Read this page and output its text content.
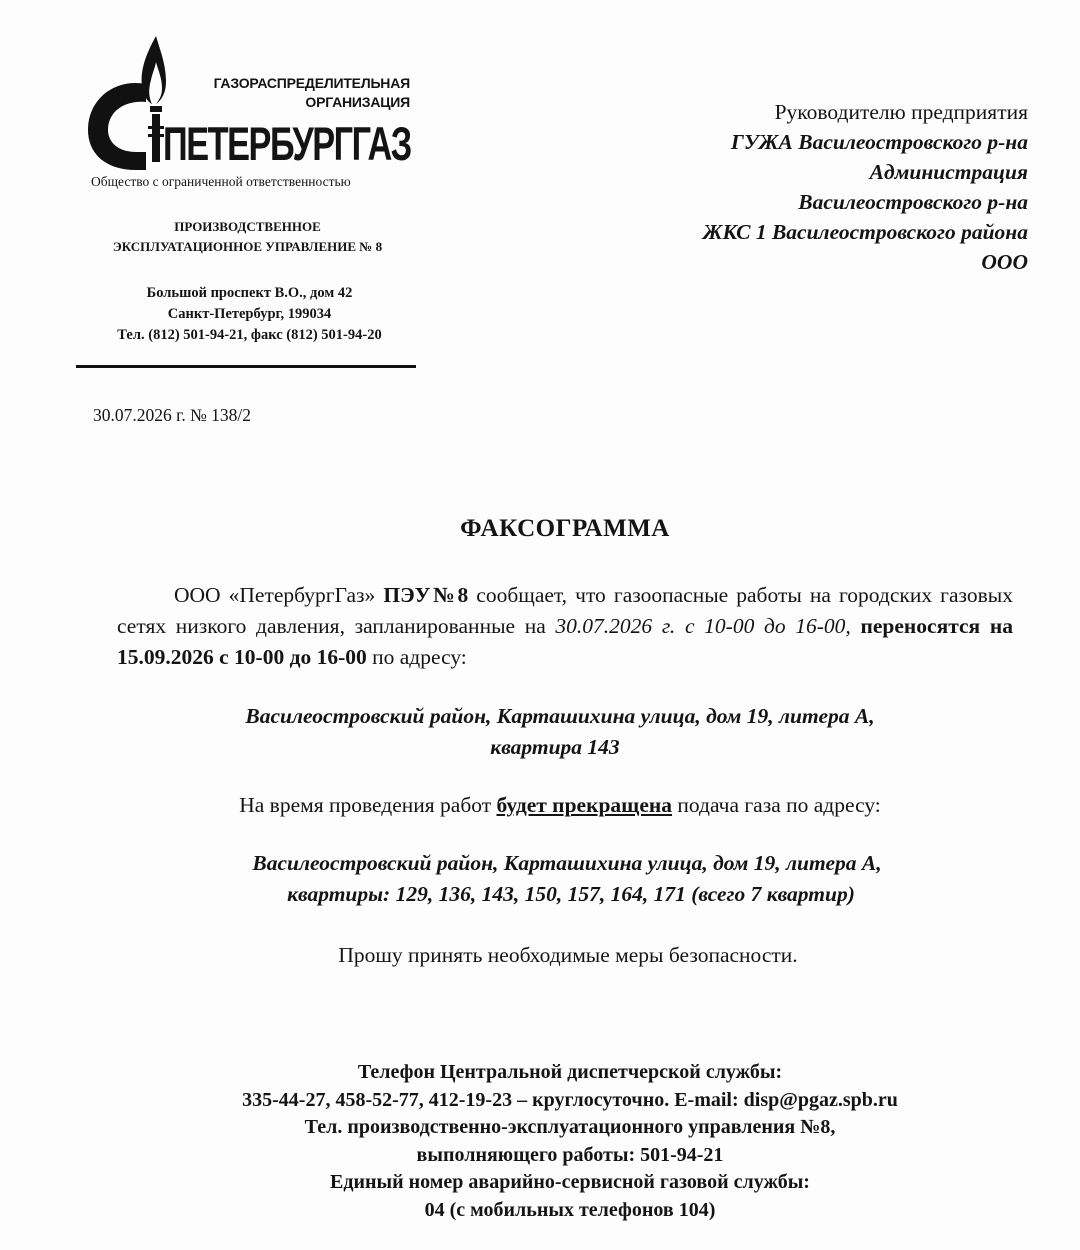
ГАЗОРАСПРЕДЕЛИТЕЛЬНАЯ
ОРГАНИЗАЦИЯ
ПЕТЕРБУРГГАЗ
Общество с ограниченной ответственностью
ПРОИЗВОДСТВЕННОЕ
ЭКСПЛУАТАЦИОННОЕ УПРАВЛЕНИЕ № 8
Большой проспект В.О., дом 42
Санкт-Петербург, 199034
Тел. (812) 501-94-21, факс (812) 501-94-20
30.07.2026 г. № 138/2
Руководителю предприятия
ГУЖА Василеостровского р-на
Администрация
Василеостровского р-на
ЖКС 1 Василеостровского района
ООО
ФАКСОГРАММА
ООО «ПетербургГаз» ПЭУ№8 сообщает, что газоопасные работы на городских газовых сетях низкого давления, запланированные на 30.07.2026 г. с 10-00 до 16-00, переносятся на 15.09.2026 с 10-00 до 16-00 по адресу:
Василеостровский район, Карташихина улица, дом 19, литера А,
квартира 143
На время проведения работ будет прекращена подача газа по адресу:
Василеостровский район, Карташихина улица, дом 19, литера А,
квартиры: 129, 136, 143, 150, 157, 164, 171 (всего 7 квартир)
Прошу принять необходимые меры безопасности.
Телефон Центральной диспетчерской службы:
335-44-27, 458-52-77, 412-19-23 – круглосуточно. E-mail: disp@pgaz.spb.ru
Тел. производственно-эксплуатационного управления №8,
выполняющего работы: 501-94-21
Единый номер аварийно-сервисной газовой службы:
04 (с мобильных телефонов 104)
